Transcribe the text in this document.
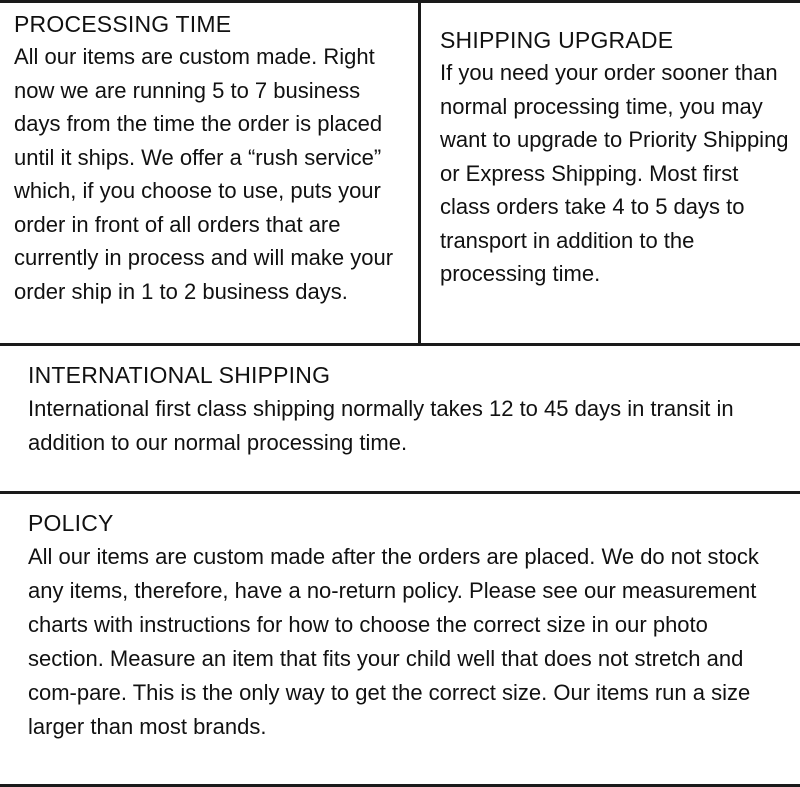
PROCESSING TIME

All our items are custom made. Right now we are running 5 to 7 business days from the time the order is placed until it ships. We offer a “rush service” which, if you choose to use, puts your order in front of all orders that are currently in process and will make your order ship in 1 to 2 business days.

SHIPPING UPGRADE

If you need your order sooner than normal processing time, you may want to upgrade to Priority Shipping or Express Shipping. Most first class orders take 4 to 5 days to transport in addition to the processing time.

INTERNATIONAL SHIPPING

International first class shipping normally takes 12 to 45 days in transit in addition to our normal processing time.

POLICY

All our items are custom made after the orders are placed. We do not stock any items, therefore, have a no-return policy. Please see our measurement charts with instructions for how to choose the correct size in our photo section. Measure an item that fits your child well that does not stretch and com-pare. This is the only way to get the correct size. Our items run a size larger than most brands.
